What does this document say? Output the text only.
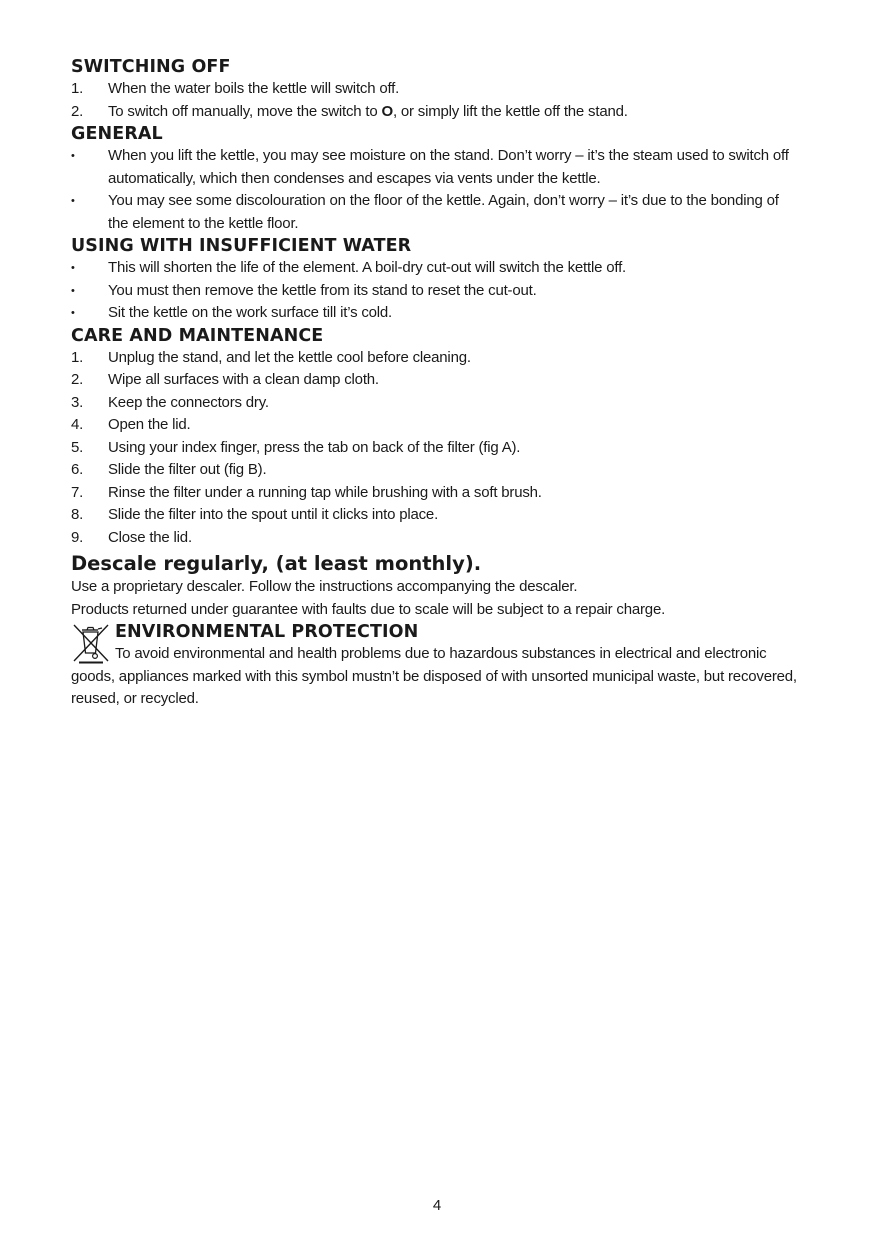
SWITCHING OFF
1.	When the water boils the kettle will switch off.
2.	To switch off manually, move the switch to O, or simply lift the kettle off the stand.
GENERAL
•	When you lift the kettle, you may see moisture on the stand. Don’t worry – it’s the steam used to switch off automatically, which then condenses and escapes via vents under the kettle.
•	You may see some discolouration on the floor of the kettle. Again, don’t worry – it’s due to the bonding of the element to the kettle floor.
USING WITH INSUFFICIENT WATER
•	This will shorten the life of the element. A boil-dry cut-out will switch the kettle off.
•	You must then remove the kettle from its stand to reset the cut-out.
•	Sit the kettle on the work surface till it’s cold.
CARE AND MAINTENANCE
1.	Unplug the stand, and let the kettle cool before cleaning.
2.	Wipe all surfaces with a clean damp cloth.
3.	Keep the connectors dry.
4.	Open the lid.
5.	Using your index finger, press the tab on back of the filter (fig A).
6.	Slide the filter out (fig B).
7.	Rinse the filter under a running tap while brushing with a soft brush.
8.	Slide the filter into the spout until it clicks into place.
9.	Close the lid.
Descale regularly, (at least monthly).

Use a proprietary descaler. Follow the instructions accompanying the descaler.

Products returned under guarantee with faults due to scale will be subject to a repair charge.

ENVIRONMENTAL PROTECTION

To avoid environmental and health problems due to hazardous substances in electrical and electronic goods, appliances marked with this symbol mustn’t be disposed of with unsorted municipal waste, but recovered, reused, or recycled.

4
